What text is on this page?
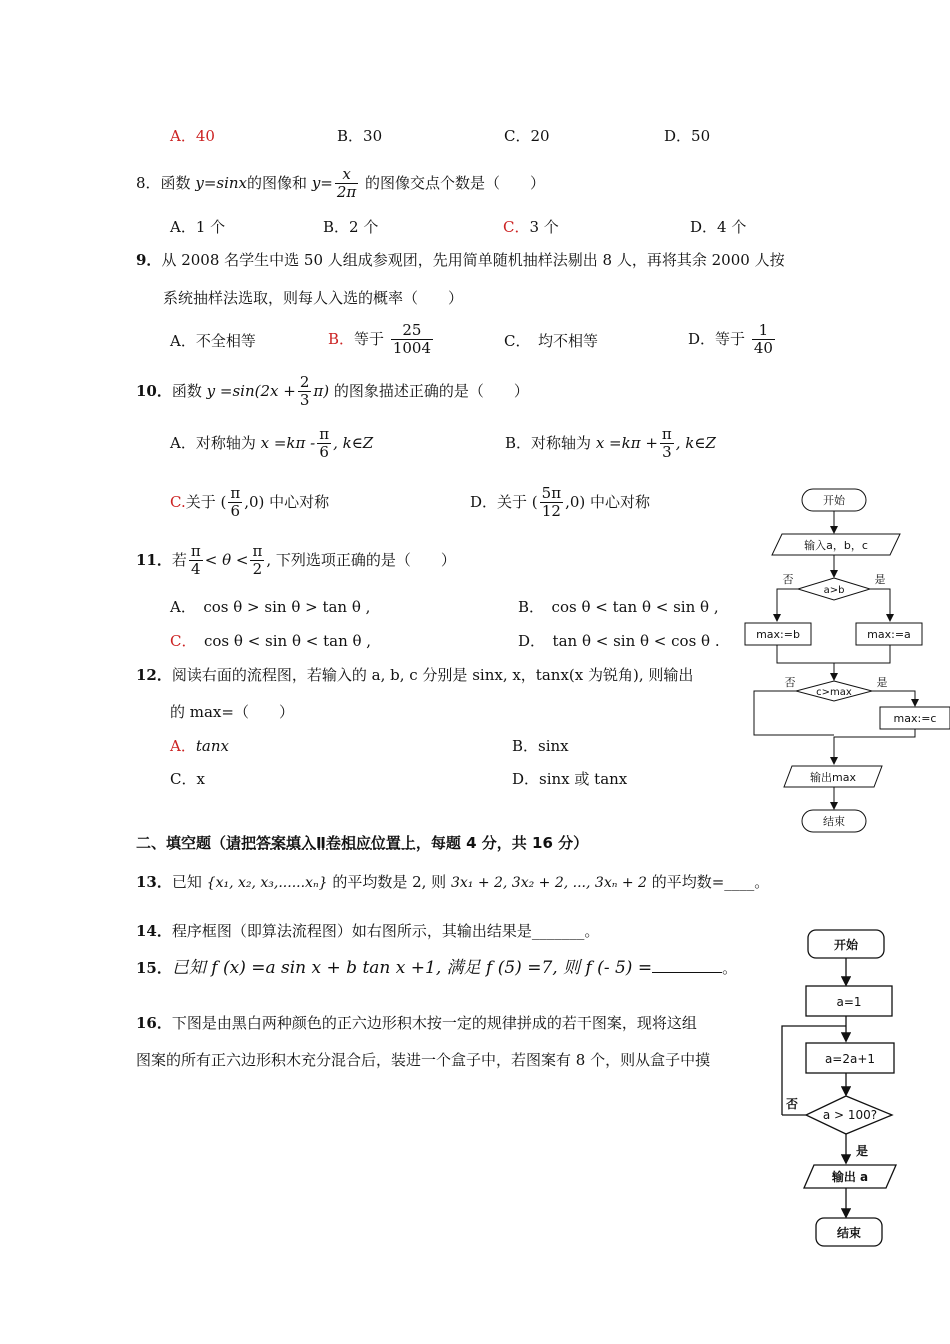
A．40	B．30	C．20	D．50
8．函数 y=sinx的图像和 $y= \frac{x}{2\pi}$ 的图像交点个数是（　　）
A．1 个	B．2 个	C．3 个	D．4 个
9．从 2008 名学生中选 50 人组成参观团，先用简单随机抽样法剔出 8 人，再将其余 2000 人按
系统抽样法选取，则每人入选的概率（　　）
A．不全相等	B．等于 $\frac{25}{1004}$	C．　均不相等	D．等于 $\frac{1}{40}$
10．函数 $y =\sin(2x + \frac{2}{3} \pi)$ 的图象描述正确的是（　　）
A．对称轴为 $x =k\pi - \frac{\pi}{6}$ , k∈Z	B．对称轴为 $x =k\pi + \frac{\pi}{3}$ , k∈Z
C.关于 ( $\frac{\pi}{6} ,0$) 中心对称	D．关于 ( $\frac{5\pi}{12} ,0$) 中心对称
11．若 $\frac{\pi}{4} < \theta < \frac{\pi}{2}$ , 下列选项正确的是（　　）
A．　 cos θ > sin θ > tan θ ,	B．　 cos θ < tan θ < sin θ ,
C．　 cos θ < sin θ < tan θ ,	D．　 tan θ < sin θ < cos θ .
12．阅读右面的流程图，若输入的 a, b, c 分别是 sinx, x，tanx(x 为锐角), 则输出
的 max=（　　）
A．tanx	B．sinx
C．x	D．sinx 或 tanx
二、填空题（请把答案填入Ⅱ卷相应位置上，每题 4 分，共 16 分）
13．已知 {x₁, x₂, x₃,......xₙ} 的平均数是 2, 则 3x₁ + 2, 3x₂ + 2, ..., 3xₙ + 2 的平均数=____。
14．程序框图（即算法流程图）如右图所示，其输出结果是_______。
15．已知 f (x) =a sin x + b tan x +1, 满足 f (5) =7, 则 f (- 5) =	。
16．下图是由黑白两种颜色的正六边形积木按一定的规律拼成的若干图案，现将这组
图案的所有正六边形积木充分混合后，装进一个盒子中，若图案有 8 个，则从盒子中摸
开始
输入a，b，c
a>b
否	是
max:=b	max:=a
c>max
否	是
max:=c
输出max
结束
开始
a=1
a=2a+1
a > 100?
否
是
输出 a
结束
